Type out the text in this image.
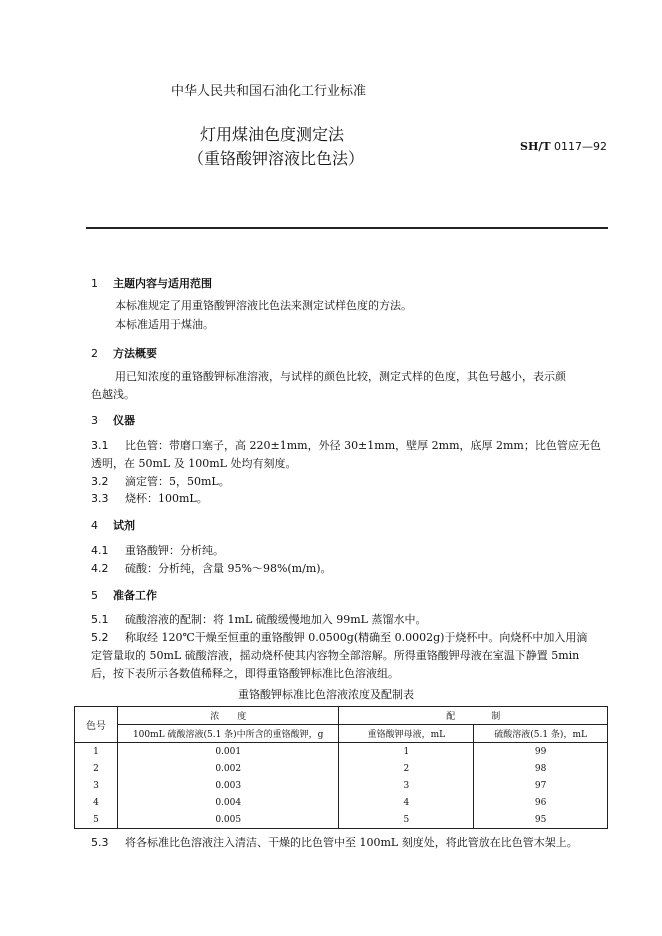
中华人民共和国石油化工行业标准
灯用煤油色度测定法
（重铬酸钾溶液比色法）
SH/T 0117—92
1 主题内容与适用范围
本标准规定了用重铬酸钾溶液比色法来测定试样色度的方法。
本标准适用于煤油。
2 方法概要
用已知浓度的重铬酸钾标准溶液，与试样的颜色比较，测定式样的色度，其色号越小，表示颜
色越浅。
3 仪器
3.1 比色管：带磨口塞子，高 220±1mm，外径 30±1mm，壁厚 2mm，底厚 2mm；比色管应无色
透明，在 50mL 及 100mL 处均有刻度。
3.2 滴定管：5，50mL。
3.3 烧杯：100mL。
4 试剂
4.1 重铬酸钾：分析纯。
4.2 硫酸：分析纯，含量 95%～98%(m/m)。
5 准备工作
5.1 硫酸溶液的配制：将 1mL 硫酸缓慢地加入 99mL 蒸馏水中。
5.2 称取经 120℃干燥至恒重的重铬酸钾 0.0500g(精确至 0.0002g)于烧杯中。向烧杯中加入用滴
定管量取的 50mL 硫酸溶液，摇动烧杯使其内容物全部溶解。所得重铬酸钾母液在室温下静置 5min
后，按下表所示各数值稀释之，即得重铬酸钾标准比色溶液组。
重铬酸钾标准比色溶液浓度及配制表
色号	浓　　度	配　　　　制	
	100mL 硫酸溶液(5.1 条)中所含的重铬酸钾，g	重铬酸钾母液，mL	硫酸溶液(5.1 条)，mL
1	0.001	1	99
2	0.002	2	98
3	0.003	3	97
4	0.004	4	96
5	0.005	5	95
5.3 将各标准比色溶液注入清洁、干燥的比色管中至 100mL 刻度处，将此管放在比色管木架上。
